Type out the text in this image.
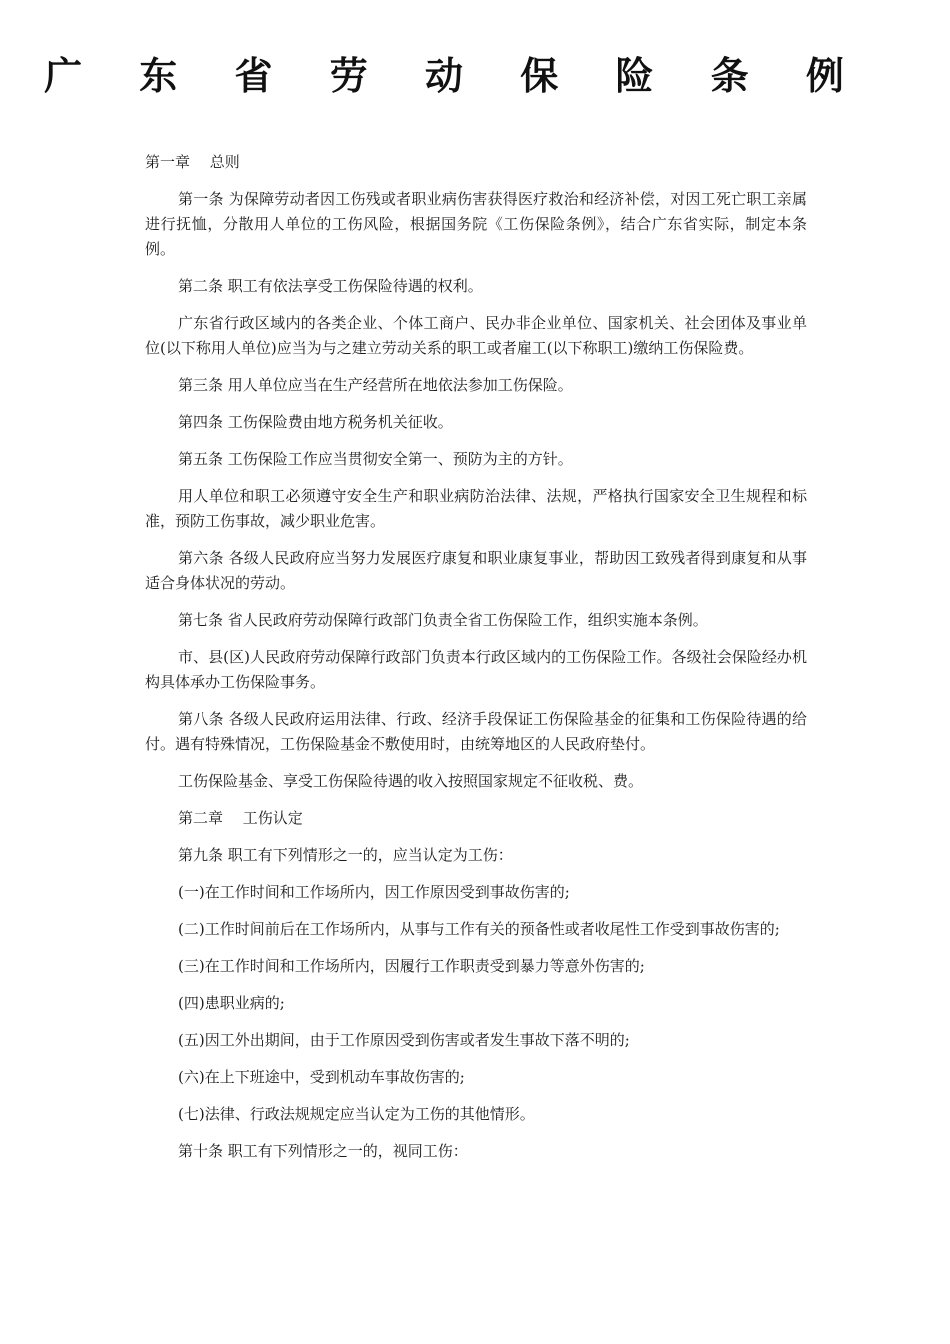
广 东 省 劳 动 保 险 条 例

第一章　 总则

第一条 为保障劳动者因工伤残或者职业病伤害获得医疗救治和经济补偿，对因工死亡职工亲属进行抚恤，分散用人单位的工伤风险，根据国务院《工伤保险条例》，结合广东省实际，制定本条例。

第二条 职工有依法享受工伤保险待遇的权利。

广东省行政区域内的各类企业、个体工商户、民办非企业单位、国家机关、社会团体及事业单位(以下称用人单位)应当为与之建立劳动关系的职工或者雇工(以下称职工)缴纳工伤保险费。

第三条 用人单位应当在生产经营所在地依法参加工伤保险。

第四条 工伤保险费由地方税务机关征收。

第五条 工伤保险工作应当贯彻安全第一、预防为主的方针。

用人单位和职工必须遵守安全生产和职业病防治法律、法规，严格执行国家安全卫生规程和标准，预防工伤事故，减少职业危害。

第六条 各级人民政府应当努力发展医疗康复和职业康复事业，帮助因工致残者得到康复和从事适合身体状况的劳动。

第七条 省人民政府劳动保障行政部门负责全省工伤保险工作，组织实施本条例。

市、县(区)人民政府劳动保障行政部门负责本行政区域内的工伤保险工作。各级社会保险经办机构具体承办工伤保险事务。

第八条 各级人民政府运用法律、行政、经济手段保证工伤保险基金的征集和工伤保险待遇的给付。遇有特殊情况，工伤保险基金不敷使用时，由统筹地区的人民政府垫付。

工伤保险基金、享受工伤保险待遇的收入按照国家规定不征收税、费。

第二章　 工伤认定

第九条 职工有下列情形之一的，应当认定为工伤：

(一)在工作时间和工作场所内，因工作原因受到事故伤害的;

(二)工作时间前后在工作场所内，从事与工作有关的预备性或者收尾性工作受到事故伤害的;

(三)在工作时间和工作场所内，因履行工作职责受到暴力等意外伤害的;

(四)患职业病的;

(五)因工外出期间，由于工作原因受到伤害或者发生事故下落不明的;

(六)在上下班途中，受到机动车事故伤害的;

(七)法律、行政法规规定应当认定为工伤的其他情形。

第十条 职工有下列情形之一的，视同工伤：
